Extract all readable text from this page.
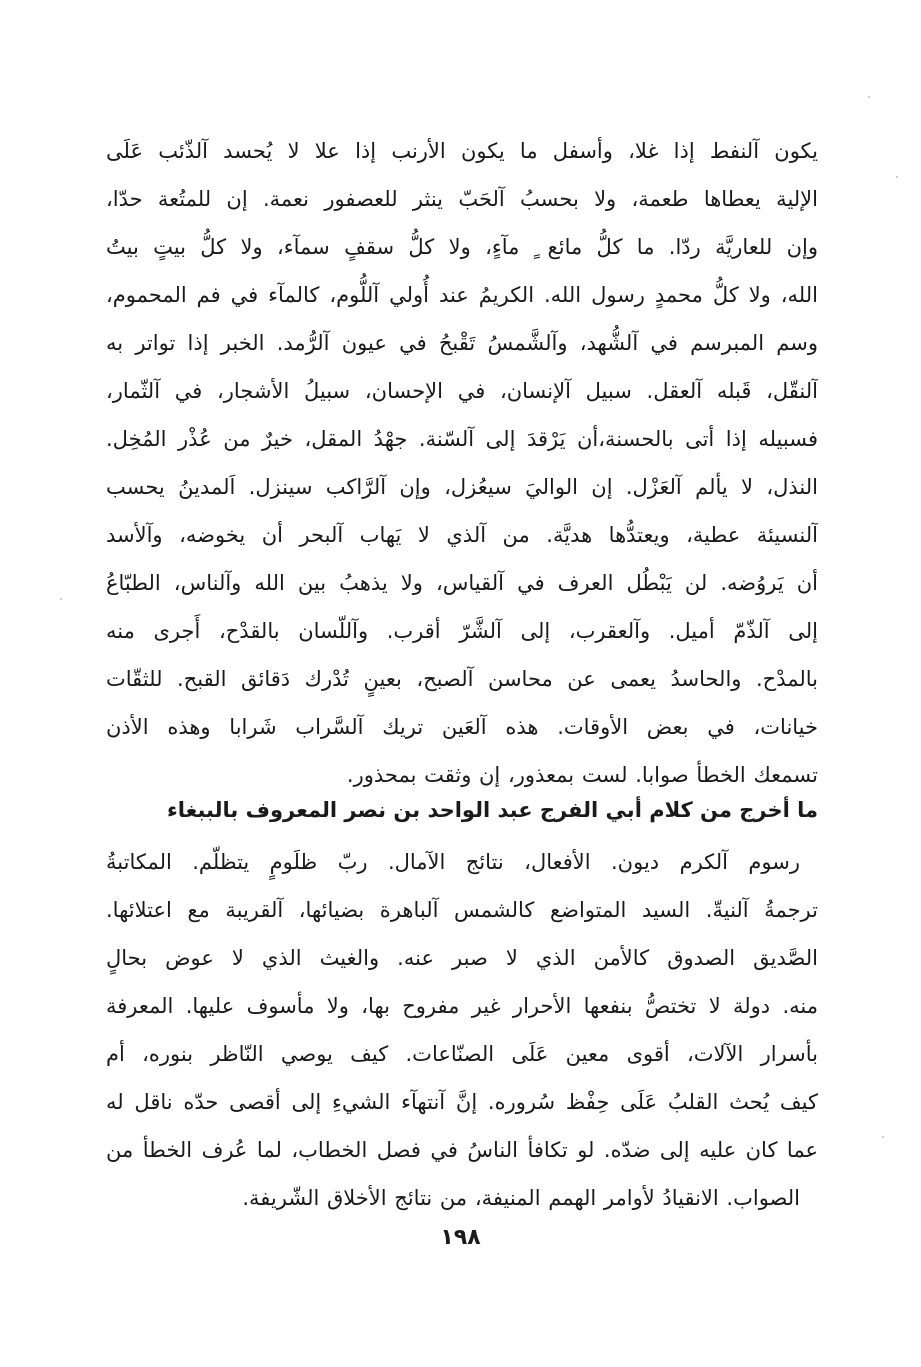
يكون آلنفط إذا غلا، وأسفل ما يكون الأرنب إذا علا لا يُحسد آلذّئب عَلَى
الإلية يعطاها طعمة، ولا بحسبُ آلحَبّ ينثر للعصفور نعمة. إن للمتُعة حدّا،
وإن للعاريَّة ردّا. ما كلُّ مائع ٍ مآءٍ، ولا كلُّ سقفٍ سمآء، ولا كلُّ بيتٍ بيتُ
الله، ولا كلُّ محمدٍ رسول الله. الكريمُ عند أُولي آللُّوم، كالمآء في فم المحموم،
وسم المبرسم في آلشُّهد، وآلشَّمسُ تَقْبحُ في عيون آلرُّمد. الخبر إذا تواتر به
آلنقّل، قَبله آلعقل. سبيل آلإنسان، في الإحسان، سبيلُ الأشجار، في آلثّمار،
فسبيله إذا أتى بالحسنة،أن يَرْقدَ إلى آلسّنة. جهْدُ المقل، خيرٌ من عُذْر المُخِل.
النذل، لا يألم آلعَزْل. إن الواليَ سيعُزل، وإن آلرَّاكب سينزل. اَلمدينُ يحسب
آلنسيئة عطية، ويعتدُّها هديَّة. من آلذي لا يَهاب آلبحر أن يخوضه، وآلأسد
أن يَروُضه. لن يَبْطُل العرف في آلقياس، ولا يذهبُ بين الله وآلناس، الطبّاعُ
إلى آلذّمّ أميل. وآلعقرب، إلى آلشَّرّ أقرب. وآللّسان بالقدْح، أَجرى منه
بالمدْح. والحاسدُ يعمى عن محاسن آلصبح، بعينٍ تُدْرك دَقائق القبح. للثقّات
خيانات، في بعض الأوقات. هذه آلعَين تريك آلسَّراب شَرابا وهذه الأذن
تسمعك الخطأ صوابا. لست بمعذور، إن وثقت بمحذور.
ما أخرج من كلام أبي الفرج عبد الواحد بن نصر المعروف بالببغاء
رسوم آلكرم ديون. الأفعال، نتائج الآمال. ربّ ظلَومٍ يتظلّم. المكاتبةُ
ترجمةُ آلنيةّ. السيد المتواضع كالشمس آلباهرة بضيائها، آلقريبة مع اعتلائها.
الصَّديق الصدوق كالأمن الذي لا صبر عنه. والغيث الذي لا عوض بحالٍ
منه. دولة لا تختصُّ بنفعها الأحرار غير مفروح بها، ولا مأسوف عليها. المعرفة
بأسرار الآلات، أقوى معين عَلَى الصنّاعات. كيف يوصي النّاظر بنوره، أم
كيف يُحث القلبُ عَلَى حِفْظ سُروره. إنَّ آنتهآء الشيءِ إلى أقصى حدّه ناقل له
عما كان عليه إلى ضدّه. لو تكافأ الناسُ في فصل الخطاب، لما عُرف الخطأ من
الصواب. الانقيادُ لأوامر الهمم المنيفة، من نتائج الأخلاق الشّريفة.
١٩٨
